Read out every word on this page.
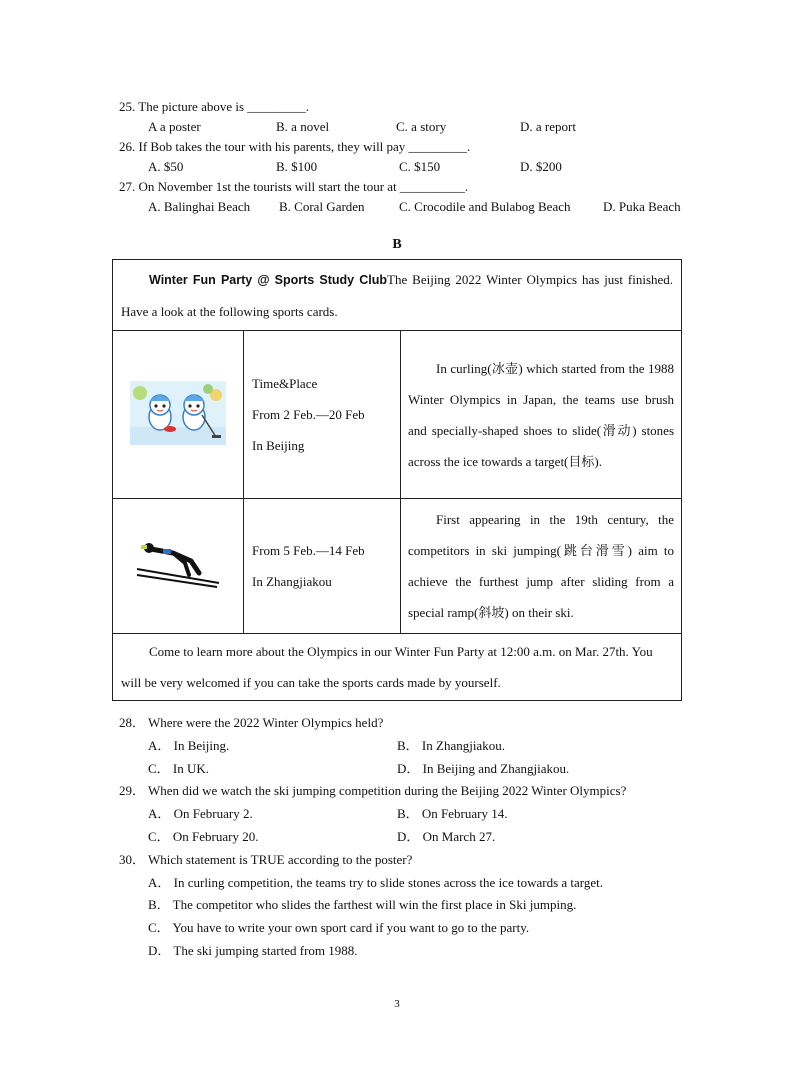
25. The picture above is _________.
A a poster	B. a novel	C. a story	D. a report
26. If Bob takes the tour with his parents, they will pay _________.
A. $50	B. $100	C. $150	D. $200
27. On November 1st the tourists will start the tour at __________.
A. Balinghai Beach B. Coral Garden	C. Crocodile and Bulabog Beach	D. Puka Beach
B
Winter Fun Party @ Sports Study ClubThe Beijing 2022 Winter Olympics has just finished. Have a look at the following sports cards.		

Time&Place
From 2 Feb.—20 Feb
In Beijing	In curling(冰壶) which started from the 1988 Winter Olympics in Japan, the teams use brush and specially-shaped shoes to slide(滑动) stones across the ice towards a target(目标).

From 5 Feb.—14 Feb
In Zhangjiakou	First appearing in the 19th century, the competitors in ski jumping(跳台滑雪) aim to achieve the furthest jump after sliding from a special ramp(斜坡) on their ski.
Come to learn more about the Olympics in our Winter Fun Party at 12:00 a.m. on Mar. 27th. You will be very welcomed if you can take the sports cards made by yourself.		
28． Where were the 2022 Winter Olympics held?
A． In Beijing.	B． In Zhangjiakou.
C． In UK.	D． In Beijing and Zhangjiakou.
29． When did we watch the ski jumping competition during the Beijing 2022 Winter Olympics?
A． On February 2.	B． On February 14.
C． On February 20.	D． On March 27.
30． Which statement is TRUE according to the poster?
A． In curling competition, the teams try to slide stones across the ice towards a target.
B． The competitor who slides the farthest will win the first place in Ski jumping.
C． You have to write your own sport card if you want to go to the party.
D． The ski jumping started from 1988.
3
